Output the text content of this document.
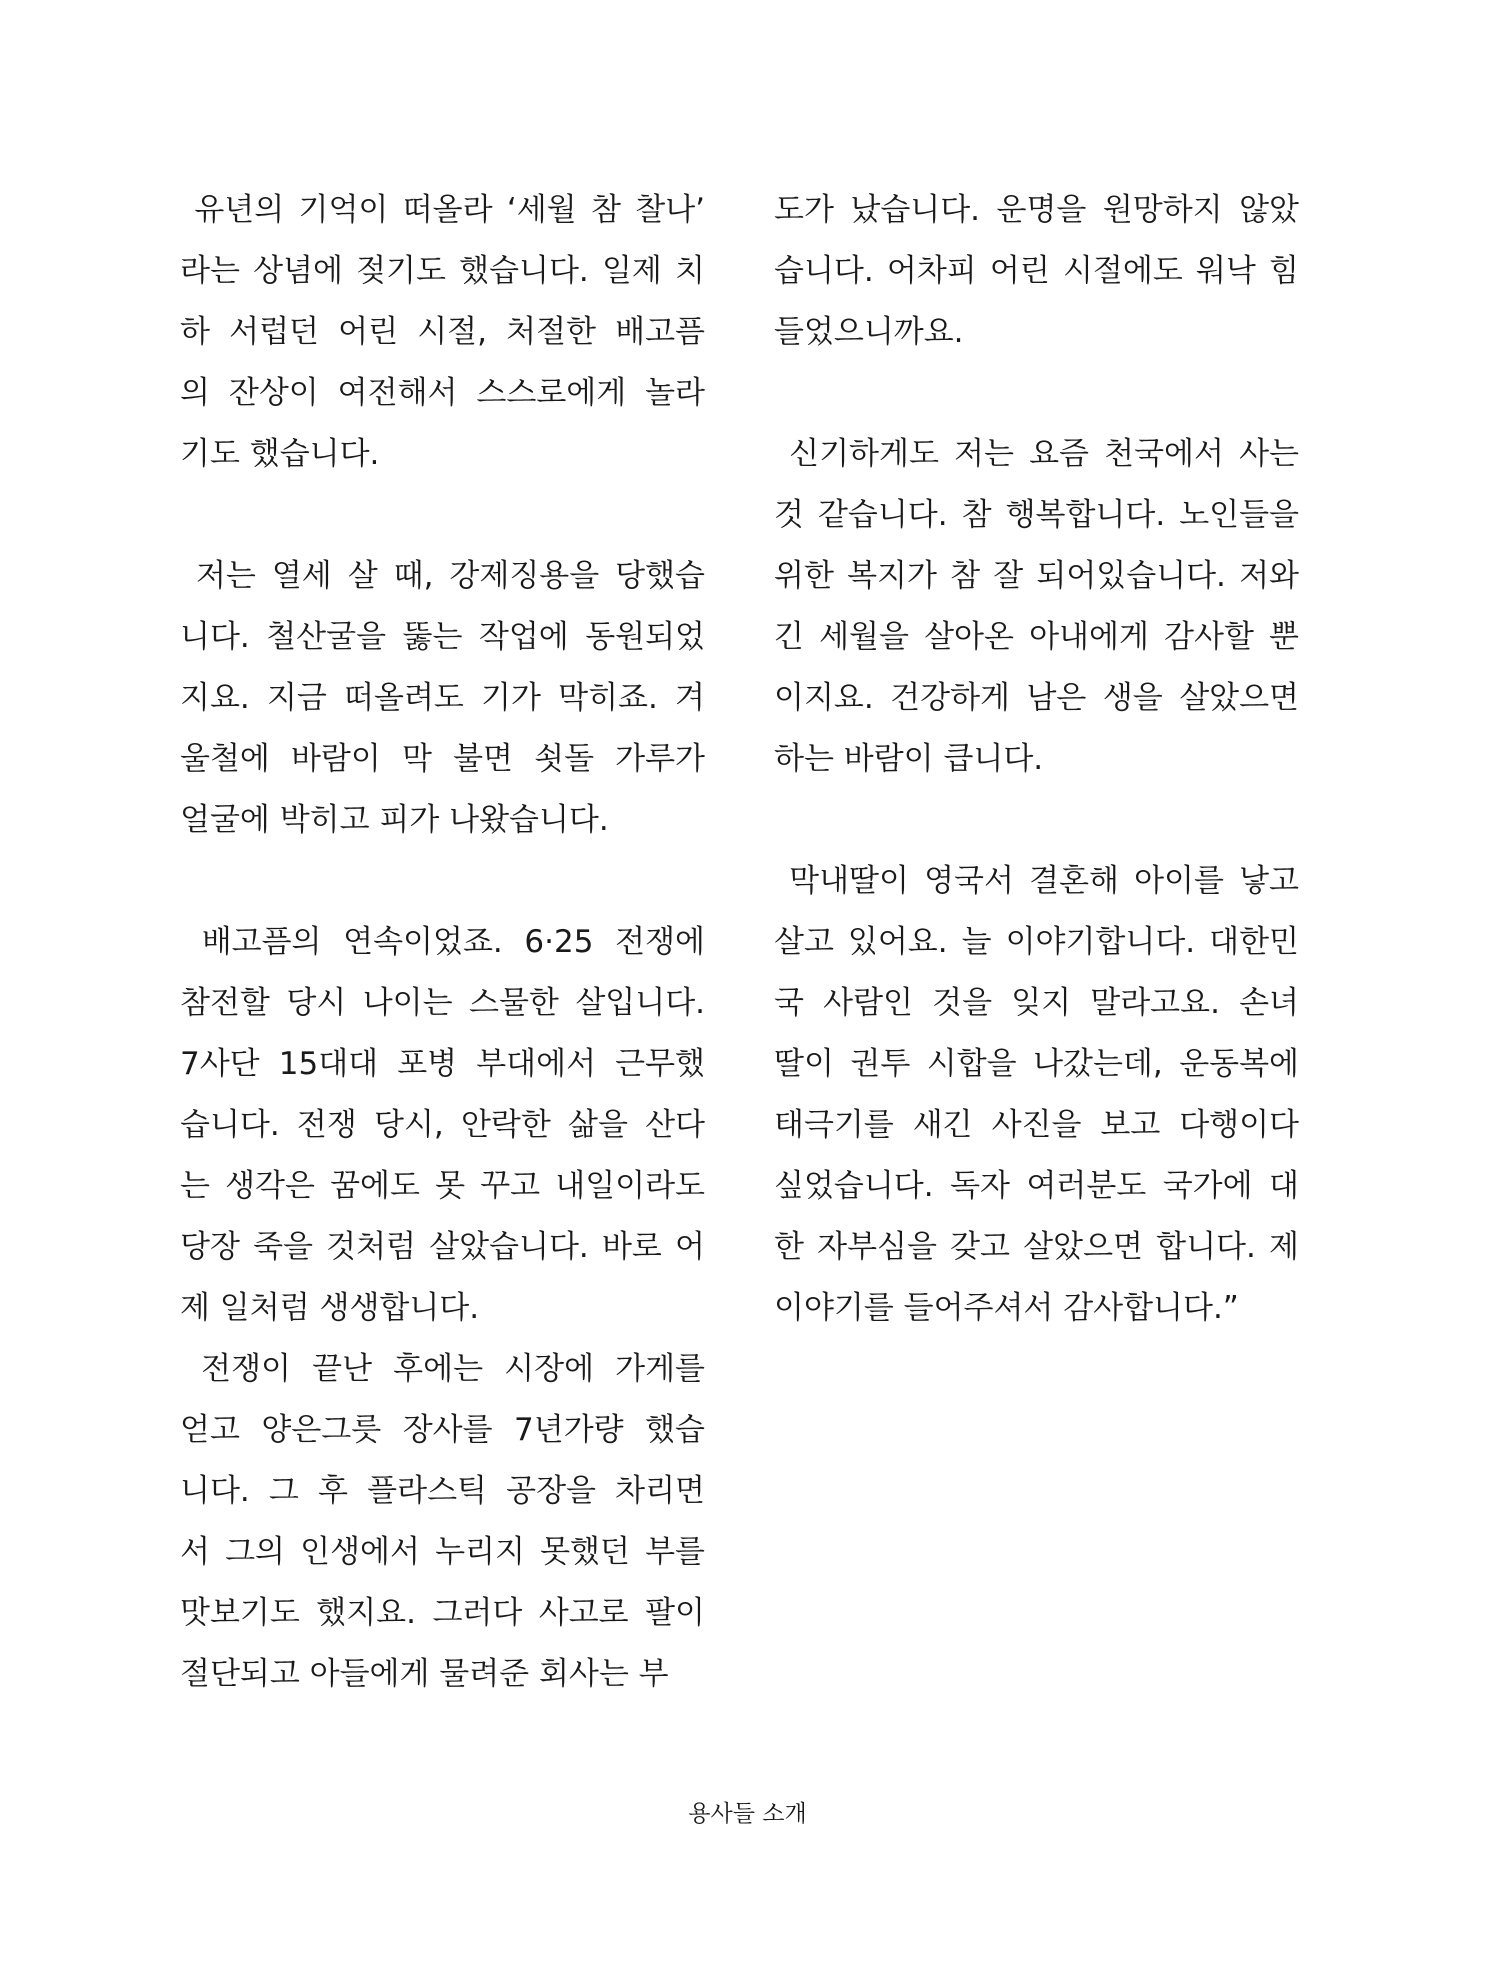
유년의 기억이 떠올라 ‘세월 참 찰나’
라는 상념에 젖기도 했습니다. 일제 치
하 서럽던 어린 시절, 처절한 배고픔
의 잔상이 여전해서 스스로에게 놀라
기도 했습니다.
저는 열세 살 때, 강제징용을 당했습
니다. 철산굴을 뚫는 작업에 동원되었
지요. 지금 떠올려도 기가 막히죠. 겨
울철에 바람이 막 불면 쇳돌 가루가
얼굴에 박히고 피가 나왔습니다.
배고픔의 연속이었죠. 6·25 전쟁에
참전할 당시 나이는 스물한 살입니다.
7사단 15대대 포병 부대에서 근무했
습니다. 전쟁 당시, 안락한 삶을 산다
는 생각은 꿈에도 못 꾸고 내일이라도
당장 죽을 것처럼 살았습니다. 바로 어
제 일처럼 생생합니다.
전쟁이 끝난 후에는 시장에 가게를
얻고 양은그릇 장사를 7년가량 했습
니다. 그 후 플라스틱 공장을 차리면
서 그의 인생에서 누리지 못했던 부를
맛보기도 했지요. 그러다 사고로 팔이
절단되고 아들에게 물려준 회사는 부
도가 났습니다. 운명을 원망하지 않았
습니다. 어차피 어린 시절에도 워낙 힘
들었으니까요.
신기하게도 저는 요즘 천국에서 사는
것 같습니다. 참 행복합니다. 노인들을
위한 복지가 참 잘 되어있습니다. 저와
긴 세월을 살아온 아내에게 감사할 뿐
이지요. 건강하게 남은 생을 살았으면
하는 바람이 큽니다.
막내딸이 영국서 결혼해 아이를 낳고
살고 있어요. 늘 이야기합니다. 대한민
국 사람인 것을 잊지 말라고요. 손녀
딸이 권투 시합을 나갔는데, 운동복에
태극기를 새긴 사진을 보고 다행이다
싶었습니다. 독자 여러분도 국가에 대
한 자부심을 갖고 살았으면 합니다. 제
이야기를 들어주셔서 감사합니다.”
용사들 소개
